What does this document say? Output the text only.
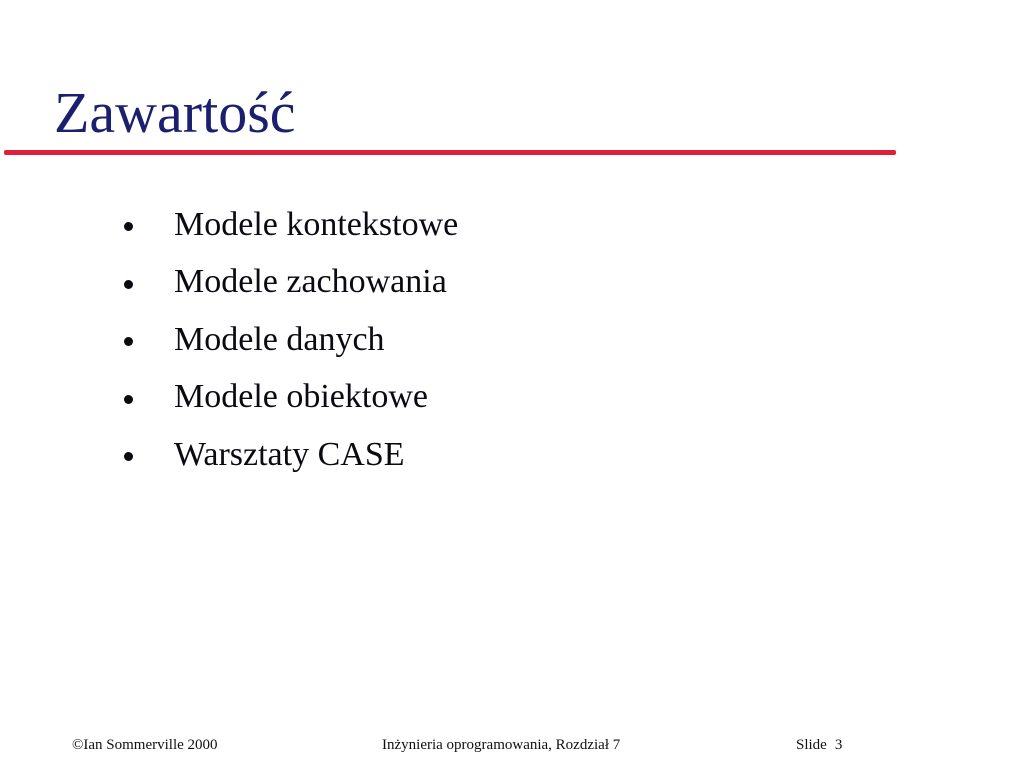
Zawartość
Modele kontekstowe
Modele zachowania
Modele danych
Modele obiektowe
Warsztaty CASE
©Ian Sommerville 2000	Inżynieria oprogramowania, Rozdział 7	Slide 3
